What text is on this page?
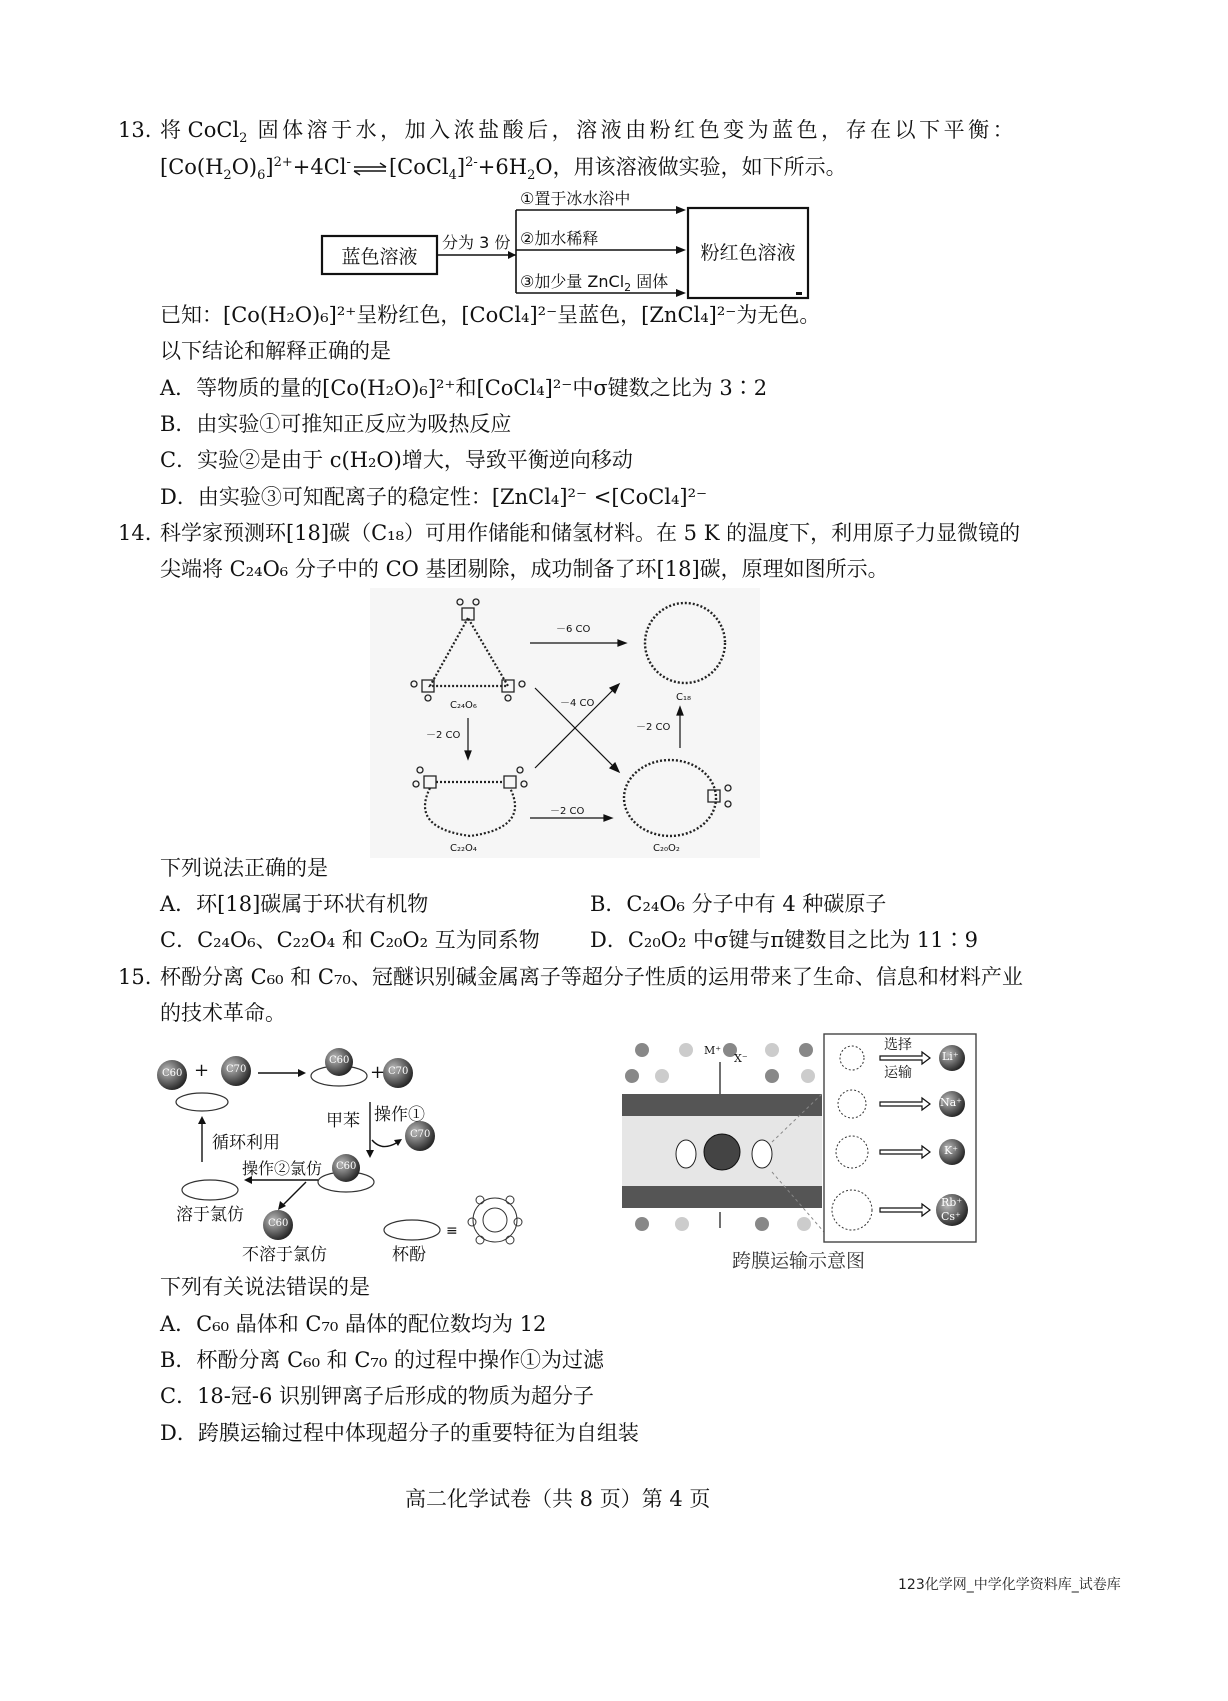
13. 将 CoCl$_2$ 固体溶于水，加入浓盐酸后，溶液由粉红色变为蓝色，存在以下平衡：
$[Co(H_2O)_6]^{2+}+4Cl^-\rightleftharpoons[CoCl_4]^{2-}+6H_2O$，用该溶液做实验，如下所示。
蓝色溶液
分为 3 份
①置于冰水浴中
②加水稀释
③加少量 ZnCl$_2$ 固体
粉红色溶液
已知：[Co(H₂O)₆]²⁺呈粉红色，[CoCl₄]²⁻呈蓝色，[ZnCl₄]²⁻为无色。
以下结论和解释正确的是
A．等物质的量的[Co(H₂O)₆]²⁺和[CoCl₄]²⁻中σ键数之比为 3∶2
B．由实验①可推知正反应为吸热反应
C．实验②是由于 c(H₂O)增大，导致平衡逆向移动
D．由实验③可知配离子的稳定性：[ZnCl₄]²⁻ <[CoCl₄]²⁻
14. 科学家预测环[18]碳（C₁₈）可用作储能和储氢材料。在 5 K 的温度下，利用原子力显微镜的
尖端将 C₂₄O₆ 分子中的 CO 基团剔除，成功制备了环[18]碳，原理如图所示。
C₂₄O₆
C₁₈
C₂₂O₄	C₂₀O₂
－6 CO
－4 CO
－2 CO
－2 CO
－2 CO
下列说法正确的是
A．环[18]碳属于环状有机物	B．C₂₄O₆ 分子中有 4 种碳原子
C．C₂₄O₆、C₂₂O₄ 和 C₂₀O₂ 互为同系物 D．C₂₀O₂ 中σ键与π键数目之比为 11∶9
15. 杯酚分离 C₆₀ 和 C₇₀、冠醚识别碱金属离子等超分子性质的运用带来了生命、信息和材料产业
的技术革命。
≡
C60 + C70
C60
+ C70
甲苯 操作①
C70
循环利用
操作②氯仿 C60
溶于氯仿 C60
不溶于氯仿	杯酚
M⁺
X⁻
选择
运输
Li⁺
Na⁺
K⁺
Rb⁺
Cs⁺
跨膜运输示意图
下列有关说法错误的是
A．C₆₀ 晶体和 C₇₀ 晶体的配位数均为 12
B．杯酚分离 C₆₀ 和 C₇₀ 的过程中操作①为过滤
C．18-冠-6 识别钾离子后形成的物质为超分子
D．跨膜运输过程中体现超分子的重要特征为自组装
高二化学试卷（共 8 页）第 4 页
123化学网_中学化学资料库_试卷库
